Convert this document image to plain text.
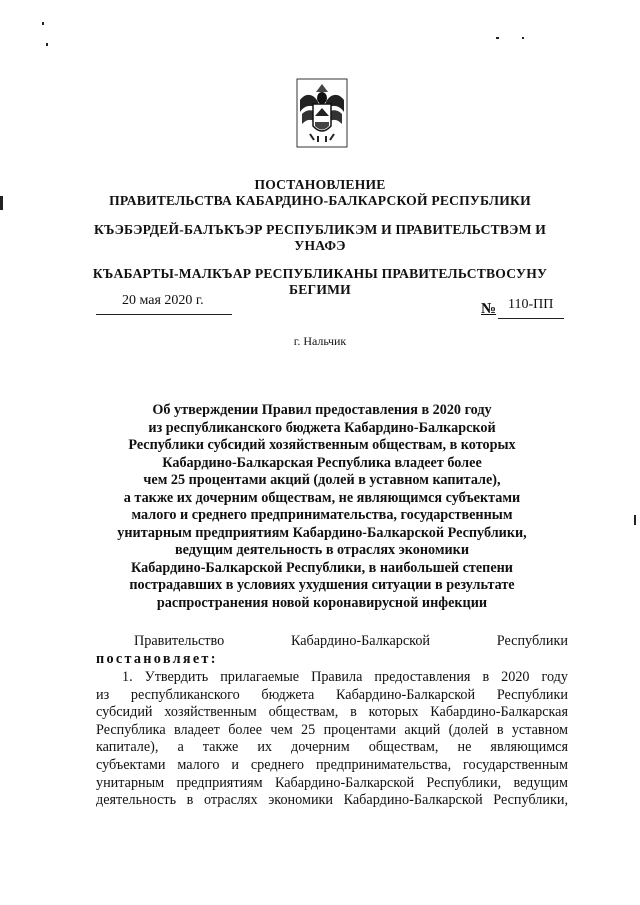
ПОСТАНОВЛЕНИЕ
ПРАВИТЕЛЬСТВА КАБАРДИНО-БАЛКАРСКОЙ РЕСПУБЛИКИ
КЪЭБЭРДЕЙ-БАЛЪКЪЭР РЕСПУБЛИКЭМ И ПРАВИТЕЛЬСТВЭМ И
УНАФЭ
КЪАБАРТЫ-МАЛКЪАР РЕСПУБЛИКАНЫ ПРАВИТЕЛЬСТВОСУНУ
БЕГИМИ
20 мая 2020 г.
№ 110-ПП
г. Нальчик
Об утверждении Правил предоставления в 2020 году
из республиканского бюджета Кабардино-Балкарской
Республики субсидий хозяйственным обществам, в которых
Кабардино-Балкарская Республика владеет более
чем 25 процентами акций (долей в уставном капитале),
а также их дочерним обществам, не являющимся субъектами
малого и среднего предпринимательства, государственным
унитарным предприятиям Кабардино-Балкарской Республики,
ведущим деятельность в отраслях экономики
Кабардино-Балкарской Республики, в наибольшей степени
пострадавших в условиях ухудшения ситуации в результате
распространения новой коронавирусной инфекции
Правительство	Кабардино-Балкарской	Республики
постановляет:
1. Утвердить прилагаемые Правила предоставления в 2020 году
из республиканского бюджета Кабардино-Балкарской Республики
субсидий хозяйственным обществам, в которых Кабардино-Балкарская
Республика владеет более чем 25 процентами акций (долей в уставном
капитале), а также их дочерним обществам, не являющимся
субъектами малого и среднего предпринимательства, государственным
унитарным предприятиям Кабардино-Балкарской Республики, ведущим
деятельность в отраслях экономики Кабардино-Балкарской Республики,
